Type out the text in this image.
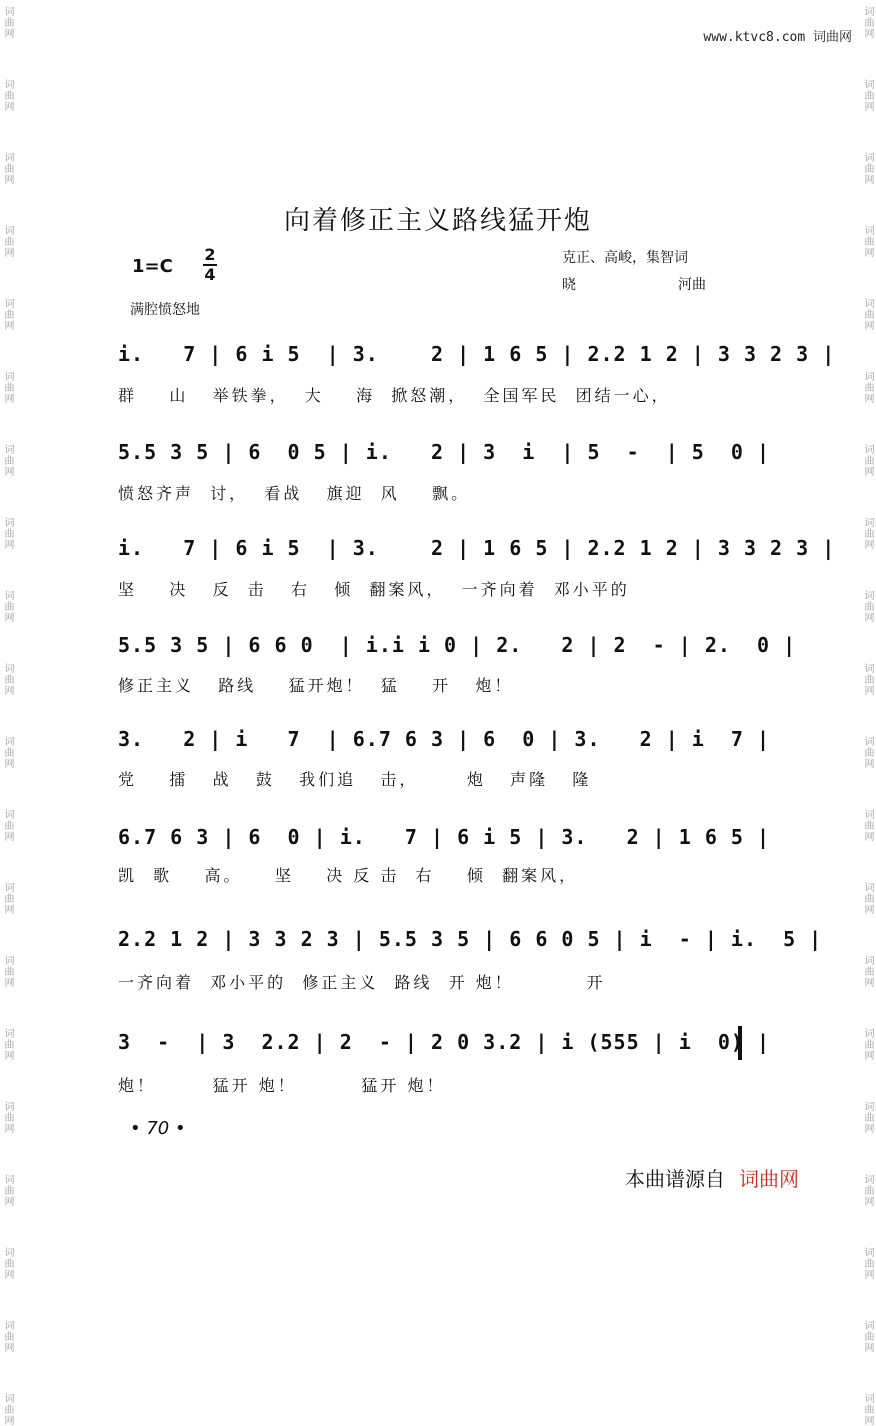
词曲网
词曲网
词曲网
词曲网
词曲网
词曲网
词曲网
词曲网
词曲网
词曲网
词曲网
词曲网
词曲网
词曲网
词曲网
词曲网
词曲网
词曲网
词曲网
词曲网
词曲网
词曲网
词曲网
词曲网
词曲网
词曲网
词曲网
词曲网
词曲网
词曲网
词曲网
词曲网
词曲网
词曲网
词曲网
词曲网
词曲网
词曲网
词曲网
词曲网
www.ktvc8.com 词曲网
向着修正主义路线猛开炮
1=C
2
4
克正、高峻，集智词
晓	河曲
满腔愤怒地
i.   7 | 6 i 5  | 3.    2 | 1 6 5 | 2.2 1 2 | 3 3 2 3 |
群    山   举铁拳，  大    海  掀怒潮，  全国军民  团结一心，
5.5 3 5 | 6  0 5 | i.   2 | 3  i  | 5  -  | 5  0 |
愤怒齐声  讨，  看战   旗迎  风    飘。
i.   7 | 6 i 5  | 3.    2 | 1 6 5 | 2.2 1 2 | 3 3 2 3 |
坚    决   反  击   右   倾  翻案风，  一齐向着  邓小平的
5.5 3 5 | 6 6 0  | i.i i 0 | 2.   2 | 2  - | 2.  0 |
修正主义   路线    猛开炮！  猛    开   炮！
3.   2 | i   7  | 6.7 6 3 | 6  0 | 3.   2 | i  7 |
党    擂   战   鼓   我们追   击，      炮   声隆   隆
6.7 6 3 | 6  0 | i.   7 | 6 i 5 | 3.   2 | 1 6 5 |
凯  歌    高。    坚    决 反 击  右    倾  翻案风，
2.2 1 2 | 3 3 2 3 | 5.5 3 5 | 6 6 0 5 | i  - | i.  5 |
一齐向着  邓小平的  修正主义  路线  开 炮！         开
3  -  | 3  2.2 | 2  - | 2 0 3.2 | i (555 | i  0) |
炮！       猛开 炮！        猛开 炮！
• 70 •
本曲谱源自 词曲网
